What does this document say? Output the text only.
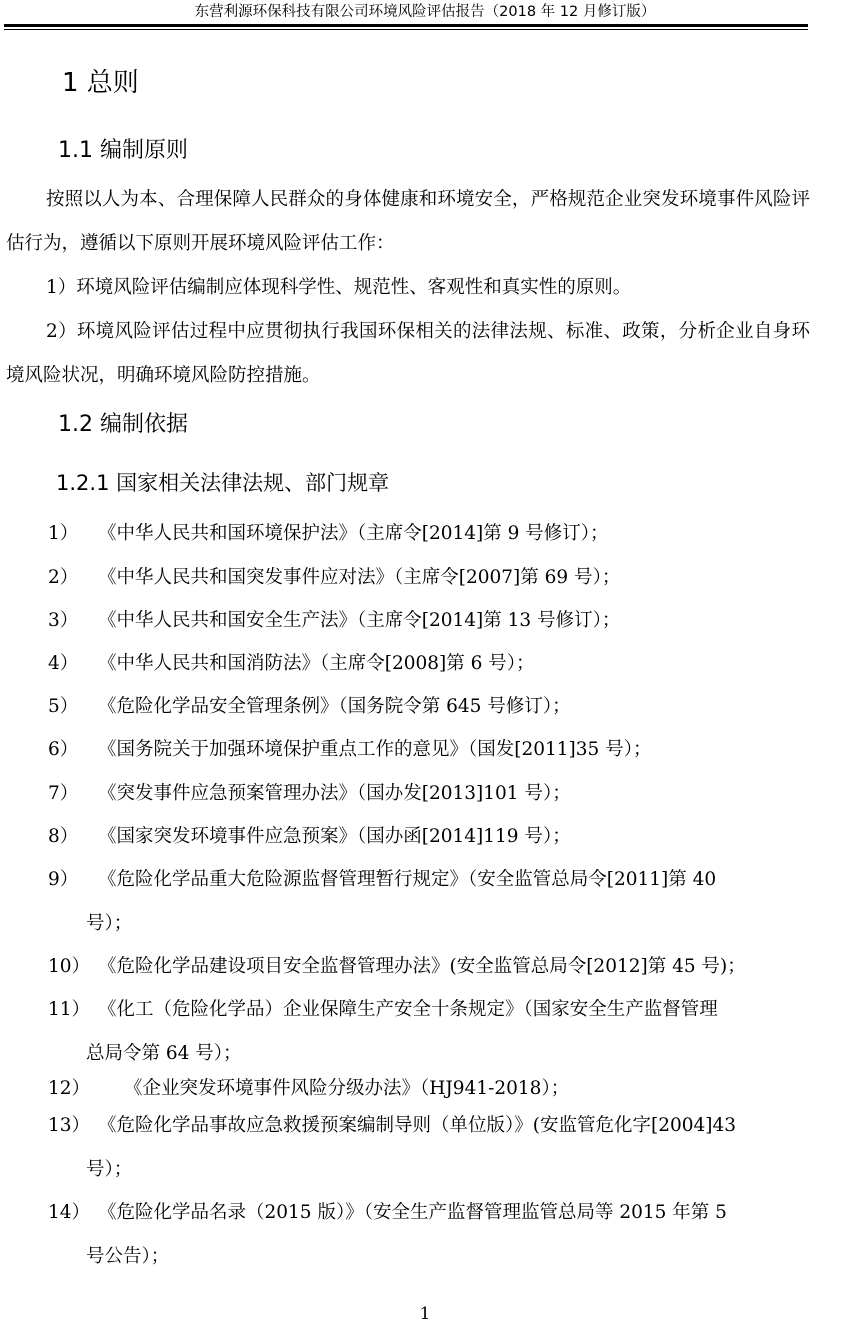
东营利源环保科技有限公司环境风险评估报告（2018 年 12 月修订版）
1 总则
1.1 编制原则
按照以人为本、合理保障人民群众的身体健康和环境安全，严格规范企业突发环境事件风险评估行为，遵循以下原则开展环境风险评估工作：
1）环境风险评估编制应体现科学性、规范性、客观性和真实性的原则。
2）环境风险评估过程中应贯彻执行我国环保相关的法律法规、标准、政策，分析企业自身环境风险状况，明确环境风险防控措施。
1.2 编制依据
1.2.1 国家相关法律法规、部门规章
1） 《中华人民共和国环境保护法》（主席令[2014]第 9 号修订）；
2） 《中华人民共和国突发事件应对法》（主席令[2007]第 69 号）；
3） 《中华人民共和国安全生产法》（主席令[2014]第 13 号修订）；
4） 《中华人民共和国消防法》（主席令[2008]第 6 号）；
5） 《危险化学品安全管理条例》（国务院令第 645 号修订）；
6） 《国务院关于加强环境保护重点工作的意见》（国发[2011]35 号）；
7） 《突发事件应急预案管理办法》（国办发[2013]101 号）；
8） 《国家突发环境事件应急预案》（国办函[2014]119 号）；
9） 《危险化学品重大危险源监督管理暂行规定》（安全监管总局令[2011]第 40
号）；
10） 《危险化学品建设项目安全监督管理办法》(安全监管总局令[2012]第 45 号)；
11） 《化工（危险化学品）企业保障生产安全十条规定》（国家安全生产监督管理
总局令第 64 号）；
12） 《企业突发环境事件风险分级办法》（HJ941-2018）；
13） 《危险化学品事故应急救援预案编制导则（单位版）》(安监管危化字[2004]43
号）；
14） 《危险化学品名录（2015 版）》（安全生产监督管理监管总局等 2015 年第 5
号公告）；
1
